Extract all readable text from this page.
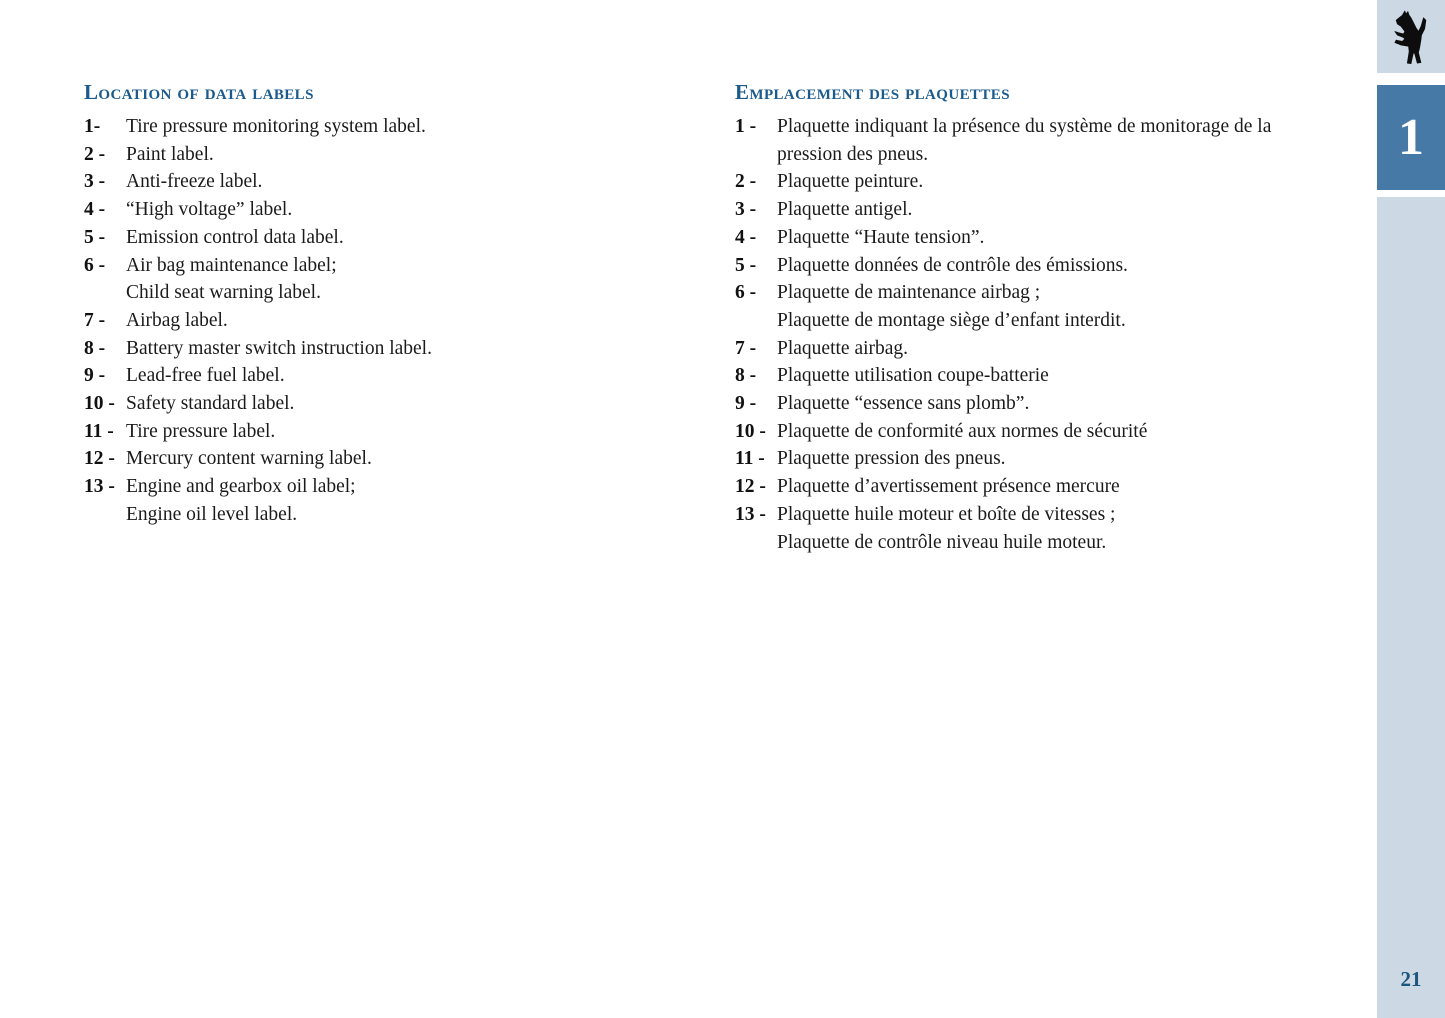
Location of data labels
1-	Tire pressure monitoring system label.
2 -	Paint label.
3 -	Anti-freeze label.
4 -	“High voltage” label.
5 -	Emission control data label.
6 -	Air bag maintenance label;
Child seat warning label.
7 -	Airbag label.
8 -	Battery master switch instruction label.
9 -	Lead-free fuel label.
10 - Safety standard label.
11 - Tire pressure label.
12 - Mercury content warning label.
13 - Engine and gearbox oil label;
Engine oil level label.
Emplacement des plaquettes
1 -	Plaquette indiquant la présence du système de monitorage de la
pression des pneus.
2 -	Plaquette peinture.
3 -	Plaquette antigel.
4 -	Plaquette “Haute tension”.
5 -	Plaquette données de contrôle des émissions.
6 -	Plaquette de maintenance airbag ;
Plaquette de montage siège d’enfant interdit.
7 -	Plaquette airbag.
8 -	Plaquette utilisation coupe-batterie
9 -	Plaquette “essence sans plomb”.
10 - Plaquette de conformité aux normes de sécurité
11 - Plaquette pression des pneus.
12 - Plaquette d’avertissement présence mercure
13 - Plaquette huile moteur et boîte de vitesses ;
Plaquette de contrôle niveau huile moteur.
1
21
